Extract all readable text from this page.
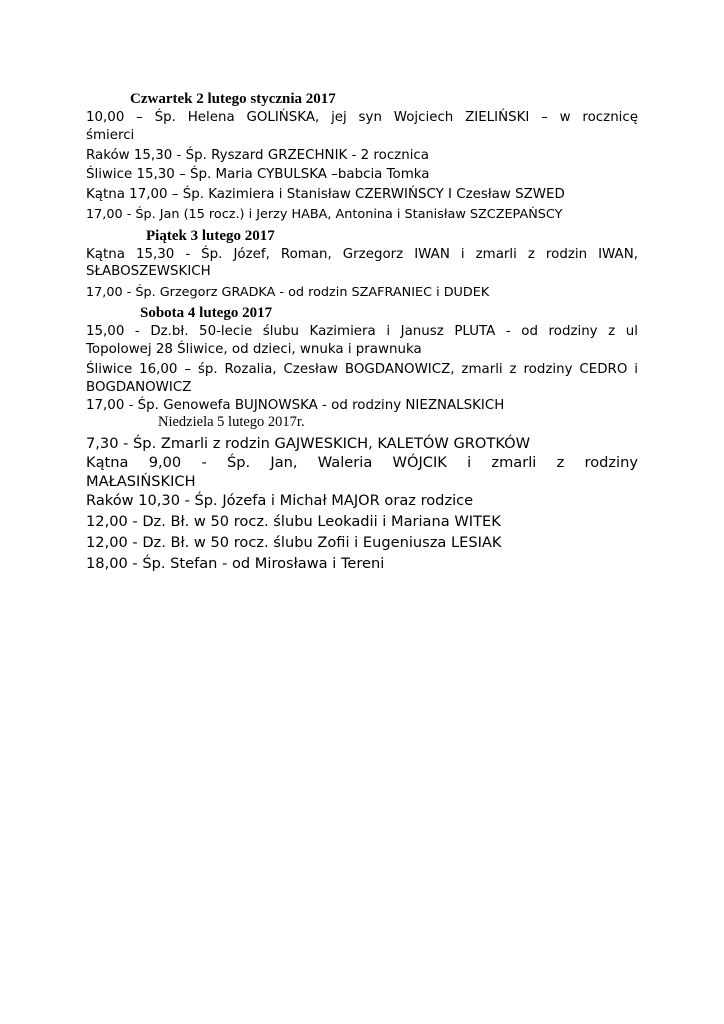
Czwartek 2 lutego stycznia 2017
10,00 – Śp. Helena GOLIŃSKA, jej syn Wojciech ZIELIŃSKI – w rocznicę
śmierci
Raków 15,30 - Śp. Ryszard GRZECHNIK - 2 rocznica
Śliwice 15,30 – Śp. Maria CYBULSKA –babcia Tomka
Kątna 17,00 – Śp. Kazimiera i Stanisław CZERWIŃSCY I Czesław SZWED
17,00 - Śp. Jan (15 rocz.) i Jerzy HABA, Antonina i Stanisław SZCZEPAŃSCY
Piątek 3 lutego 2017
Kątna 15,30 - Śp. Józef, Roman, Grzegorz IWAN i zmarli z rodzin IWAN,
SŁABOSZEWSKICH
17,00 - Śp. Grzegorz GRADKA - od rodzin SZAFRANIEC i DUDEK
Sobota 4 lutego 2017
15,00 - Dz.bł. 50-lecie ślubu Kazimiera i Janusz PLUTA - od rodziny z ul
Topolowej 28 Śliwice, od dzieci, wnuka i prawnuka
Śliwice 16,00 – śp. Rozalia, Czesław BOGDANOWICZ, zmarli z rodziny CEDRO i
BOGDANOWICZ
17,00 - Śp. Genowefa BUJNOWSKA - od rodziny NIEZNALSKICH
Niedziela 5 lutego 2017r.
7,30 - Śp. Zmarli z rodzin GAJWESKICH, KALETÓW GROTKÓW
Kątna 9,00 - Śp. Jan, Waleria WÓJCIK i zmarli z rodziny
MAŁASIŃSKICH
Raków 10,30 - Śp. Józefa i Michał MAJOR oraz rodzice
12,00 - Dz. Bł. w 50 rocz. ślubu Leokadii i Mariana WITEK
12,00 - Dz. Bł. w 50 rocz. ślubu Zofii i Eugeniusza LESIAK
18,00 - Śp. Stefan - od Mirosława i Tereni
